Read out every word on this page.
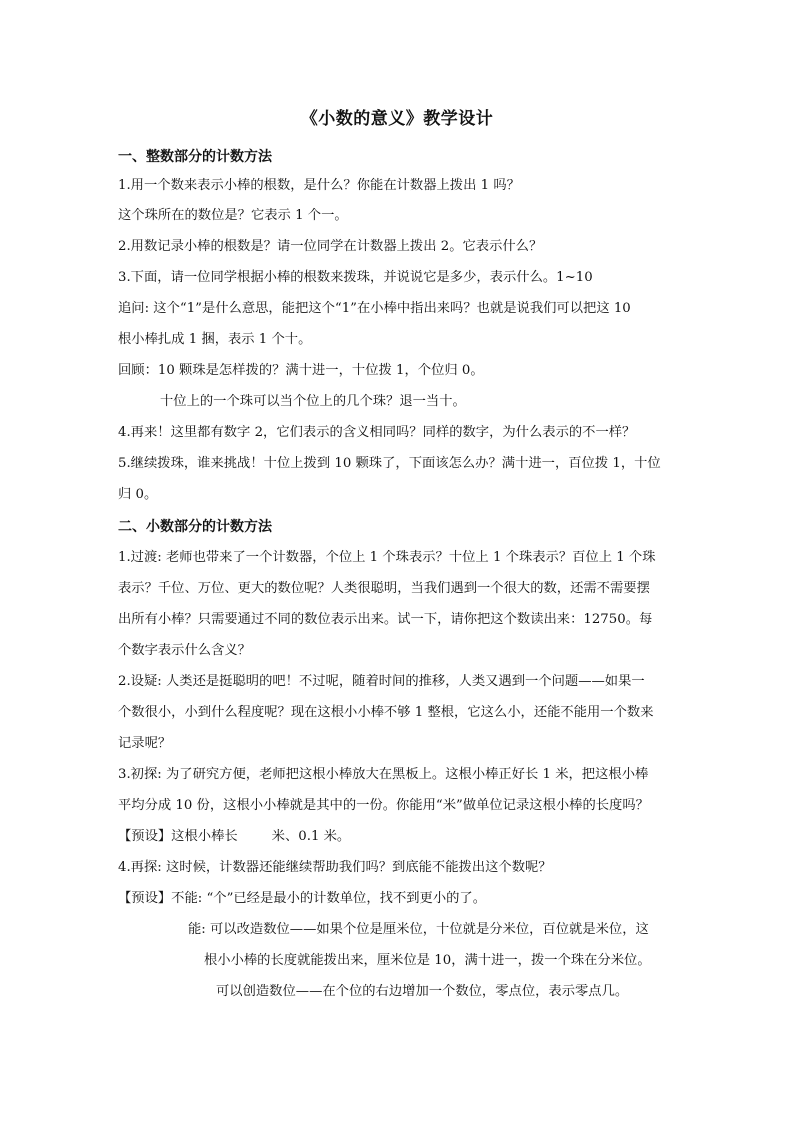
《小数的意义》教学设计
一、整数部分的计数方法
1.用一个数来表示小棒的根数，是什么？你能在计数器上拨出 1 吗？
这个珠所在的数位是？它表示 1 个一。
2.用数记录小棒的根数是？请一位同学在计数器上拨出 2。它表示什么？
3.下面，请一位同学根据小棒的根数来拨珠，并说说它是多少，表示什么。1~10
追问: 这个“1”是什么意思，能把这个“1”在小棒中指出来吗？也就是说我们可以把这 10
根小棒扎成 1 捆，表示 1 个十。
回顾：10 颗珠是怎样拨的？满十进一，十位拨 1，个位归 0。
十位上的一个珠可以当个位上的几个珠？退一当十。
4.再来！这里都有数字 2，它们表示的含义相同吗？同样的数字，为什么表示的不一样？
5.继续拨珠，谁来挑战！十位上拨到 10 颗珠了，下面该怎么办？满十进一，百位拨 1，十位
归 0。
二、小数部分的计数方法
1.过渡: 老师也带来了一个计数器，个位上 1 个珠表示？十位上 1 个珠表示？百位上 1 个珠
表示？千位、万位、更大的数位呢？人类很聪明，当我们遇到一个很大的数，还需不需要摆
出所有小棒？只需要通过不同的数位表示出来。试一下，请你把这个数读出来：12750。每
个数字表示什么含义？
2.设疑: 人类还是挺聪明的吧！不过呢，随着时间的推移，人类又遇到一个问题——如果一
个数很小，小到什么程度呢？现在这根小小棒不够 1 整根，它这么小，还能不能用一个数来
记录呢？
3.初探: 为了研究方便，老师把这根小棒放大在黑板上。这根小棒正好长 1 米，把这根小棒
平均分成 10 份，这根小小棒就是其中的一份。你能用“米”做单位记录这根小棒的长度吗？
【预设】这根小棒长	米、0.1 米。
4.再探: 这时候，计数器还能继续帮助我们吗？到底能不能拨出这个数呢？
【预设】不能: “个”已经是最小的计数单位，找不到更小的了。
能: 可以改造数位——如果个位是厘米位，十位就是分米位，百位就是米位，这
根小小棒的长度就能拨出来，厘米位是 10，满十进一，拨一个珠在分米位。
可以创造数位——在个位的右边增加一个数位，零点位，表示零点几。
